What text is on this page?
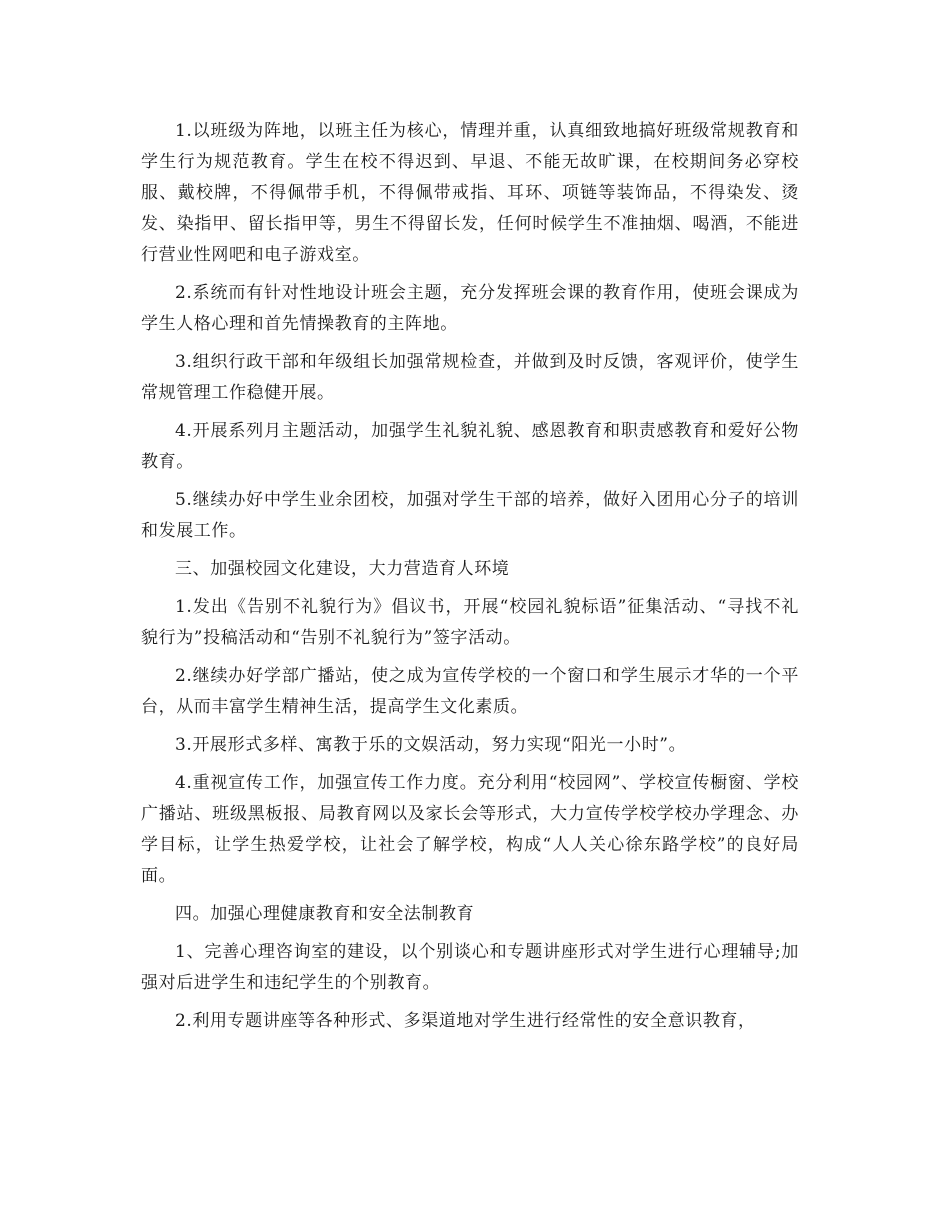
1.以班级为阵地，以班主任为核心，情理并重，认真细致地搞好班级常规教育和学生行为规范教育。学生在校不得迟到、早退、不能无故旷课，在校期间务必穿校服、戴校牌，不得佩带手机，不得佩带戒指、耳环、项链等装饰品，不得染发、烫发、染指甲、留长指甲等，男生不得留长发，任何时候学生不准抽烟、喝酒，不能进行营业性网吧和电子游戏室。

2.系统而有针对性地设计班会主题，充分发挥班会课的教育作用，使班会课成为学生人格心理和首先情操教育的主阵地。

3.组织行政干部和年级组长加强常规检查，并做到及时反馈，客观评价，使学生常规管理工作稳健开展。

4.开展系列月主题活动，加强学生礼貌礼貌、感恩教育和职责感教育和爱好公物教育。

5.继续办好中学生业余团校，加强对学生干部的培养，做好入团用心分子的培训和发展工作。

三、加强校园文化建设，大力营造育人环境

1.发出《告别不礼貌行为》倡议书，开展“校园礼貌标语”征集活动、“寻找不礼貌行为”投稿活动和“告别不礼貌行为”签字活动。

2.继续办好学部广播站，使之成为宣传学校的一个窗口和学生展示才华的一个平台，从而丰富学生精神生活，提高学生文化素质。

3.开展形式多样、寓教于乐的文娱活动，努力实现“阳光一小时”。

4.重视宣传工作，加强宣传工作力度。充分利用“校园网”、学校宣传橱窗、学校广播站、班级黑板报、局教育网以及家长会等形式，大力宣传学校学校办学理念、办学目标，让学生热爱学校，让社会了解学校，构成“人人关心徐东路学校”的良好局面。

四。加强心理健康教育和安全法制教育

1、完善心理咨询室的建设，以个别谈心和专题讲座形式对学生进行心理辅导;加强对后进学生和违纪学生的个别教育。

2.利用专题讲座等各种形式、多渠道地对学生进行经常性的安全意识教育，
